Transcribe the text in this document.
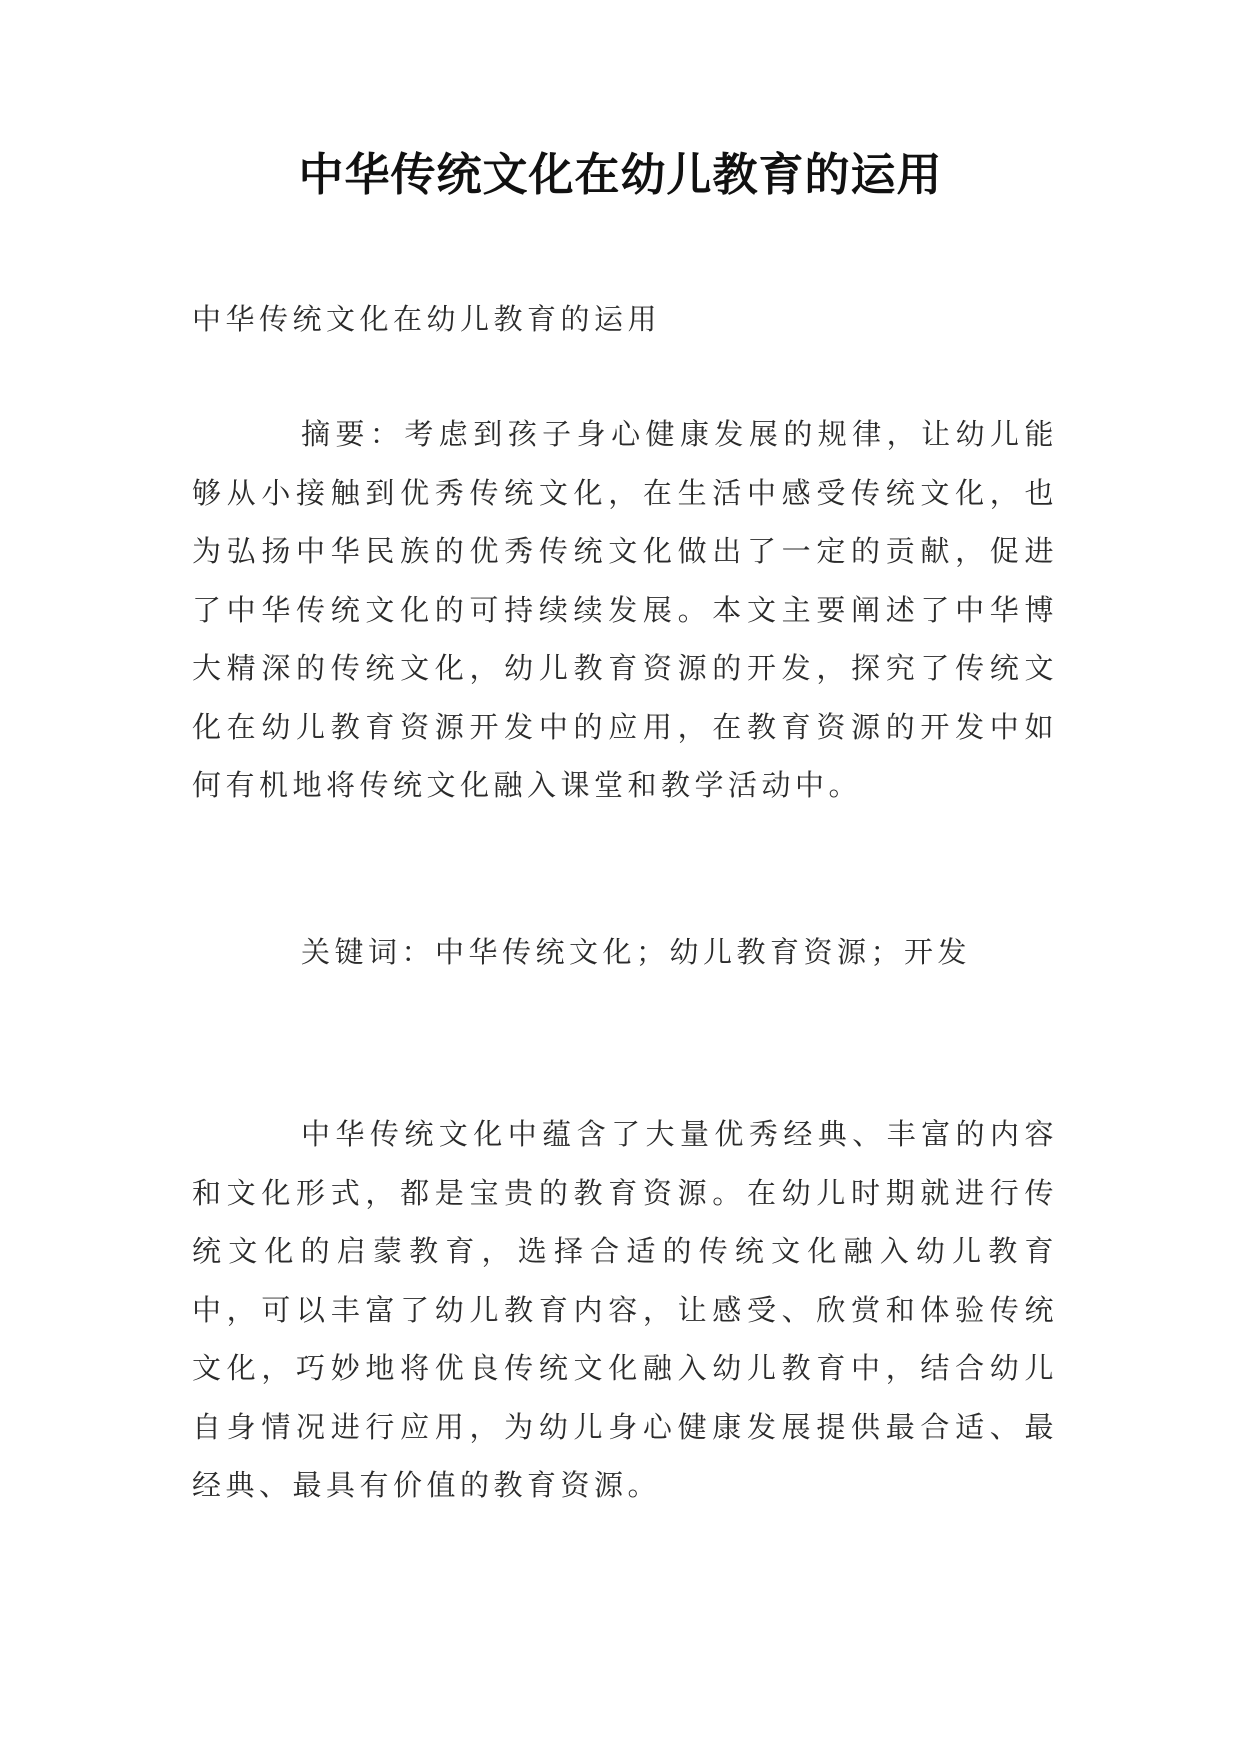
中华传统文化在幼儿教育的运用

中华传统文化在幼儿教育的运用

摘要：考虑到孩子身心健康发展的规律，让幼儿能够从小接触到优秀传统文化，在生活中感受传统文化，也为弘扬中华民族的优秀传统文化做出了一定的贡献，促进了中华传统文化的可持续续发展。本文主要阐述了中华博大精深的传统文化，幼儿教育资源的开发，探究了传统文化在幼儿教育资源开发中的应用，在教育资源的开发中如何有机地将传统文化融入课堂和教学活动中。

关键词：中华传统文化；幼儿教育资源；开发

中华传统文化中蕴含了大量优秀经典、丰富的内容和文化形式，都是宝贵的教育资源。在幼儿时期就进行传统文化的启蒙教育，选择合适的传统文化融入幼儿教育中，可以丰富了幼儿教育内容，让感受、欣赏和体验传统文化，巧妙地将优良传统文化融入幼儿教育中，结合幼儿自身情况进行应用，为幼儿身心健康发展提供最合适、最经典、最具有价值的教育资源。
